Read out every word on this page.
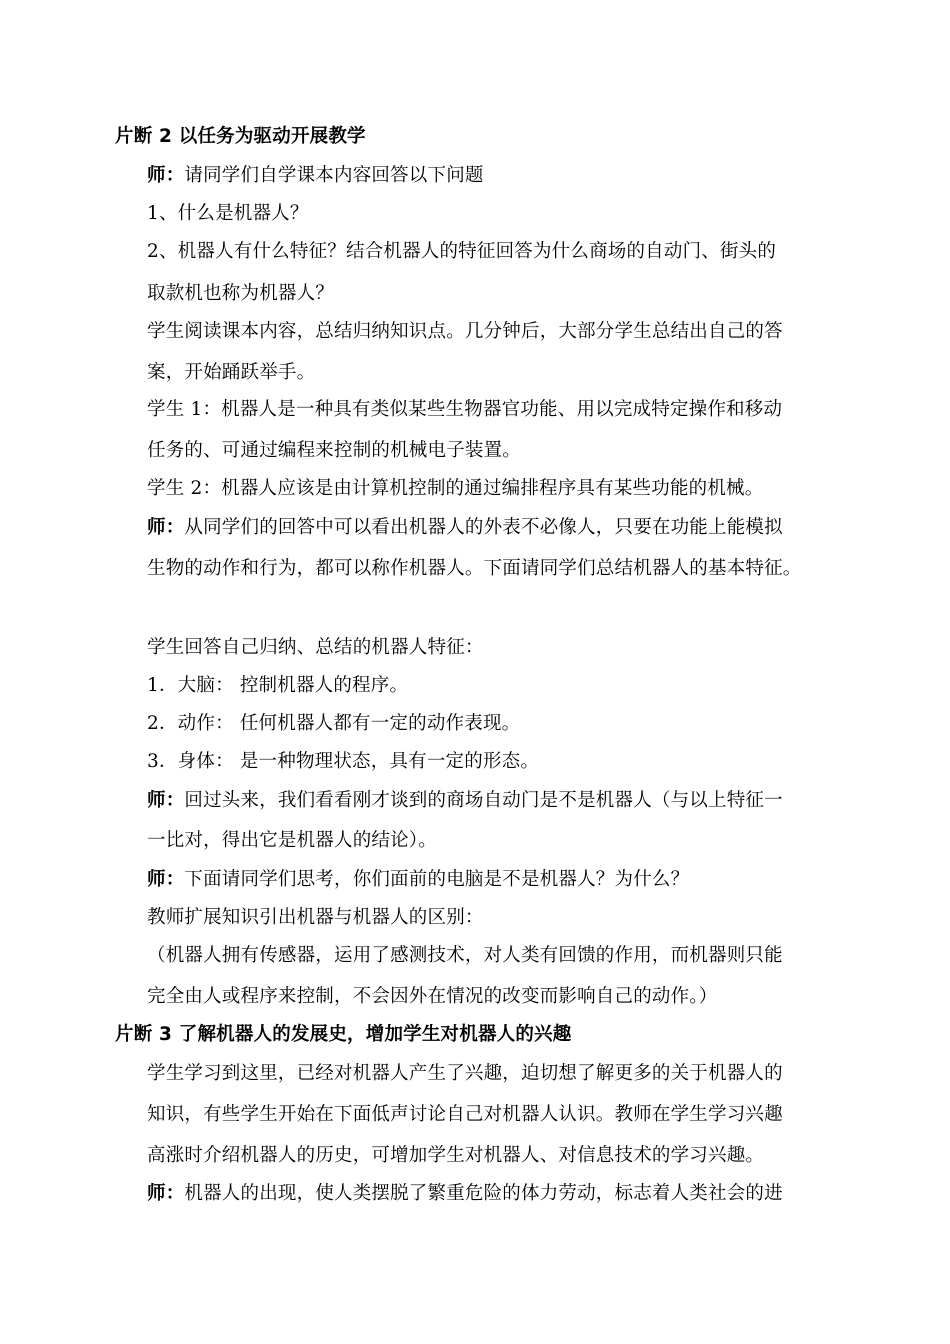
片断 2 以任务为驱动开展教学
师：请同学们自学课本内容回答以下问题
1、什么是机器人？
2、机器人有什么特征？结合机器人的特征回答为什么商场的自动门、街头的
取款机也称为机器人？
学生阅读课本内容，总结归纳知识点。几分钟后，大部分学生总结出自己的答
案，开始踊跃举手。
学生 1：机器人是一种具有类似某些生物器官功能、用以完成特定操作和移动
任务的、可通过编程来控制的机械电子装置。
学生 2：机器人应该是由计算机控制的通过编排程序具有某些功能的机械。
师：从同学们的回答中可以看出机器人的外表不必像人，只要在功能上能模拟
生物的动作和行为，都可以称作机器人。下面请同学们总结机器人的基本特征。
学生回答自己归纳、总结的机器人特征：
1．大脑： 控制机器人的程序。
2．动作： 任何机器人都有一定的动作表现。
3．身体： 是一种物理状态，具有一定的形态。
师：回过头来，我们看看刚才谈到的商场自动门是不是机器人（与以上特征一
一比对，得出它是机器人的结论）。
师：下面请同学们思考，你们面前的电脑是不是机器人？为什么？
教师扩展知识引出机器与机器人的区别：
（机器人拥有传感器，运用了感测技术，对人类有回馈的作用，而机器则只能
完全由人或程序来控制，不会因外在情况的改变而影响自己的动作。）
片断 3 了解机器人的发展史，增加学生对机器人的兴趣
学生学习到这里，已经对机器人产生了兴趣，迫切想了解更多的关于机器人的
知识，有些学生开始在下面低声讨论自己对机器人认识。教师在学生学习兴趣
高涨时介绍机器人的历史，可增加学生对机器人、对信息技术的学习兴趣。
师：机器人的出现，使人类摆脱了繁重危险的体力劳动，标志着人类社会的进
